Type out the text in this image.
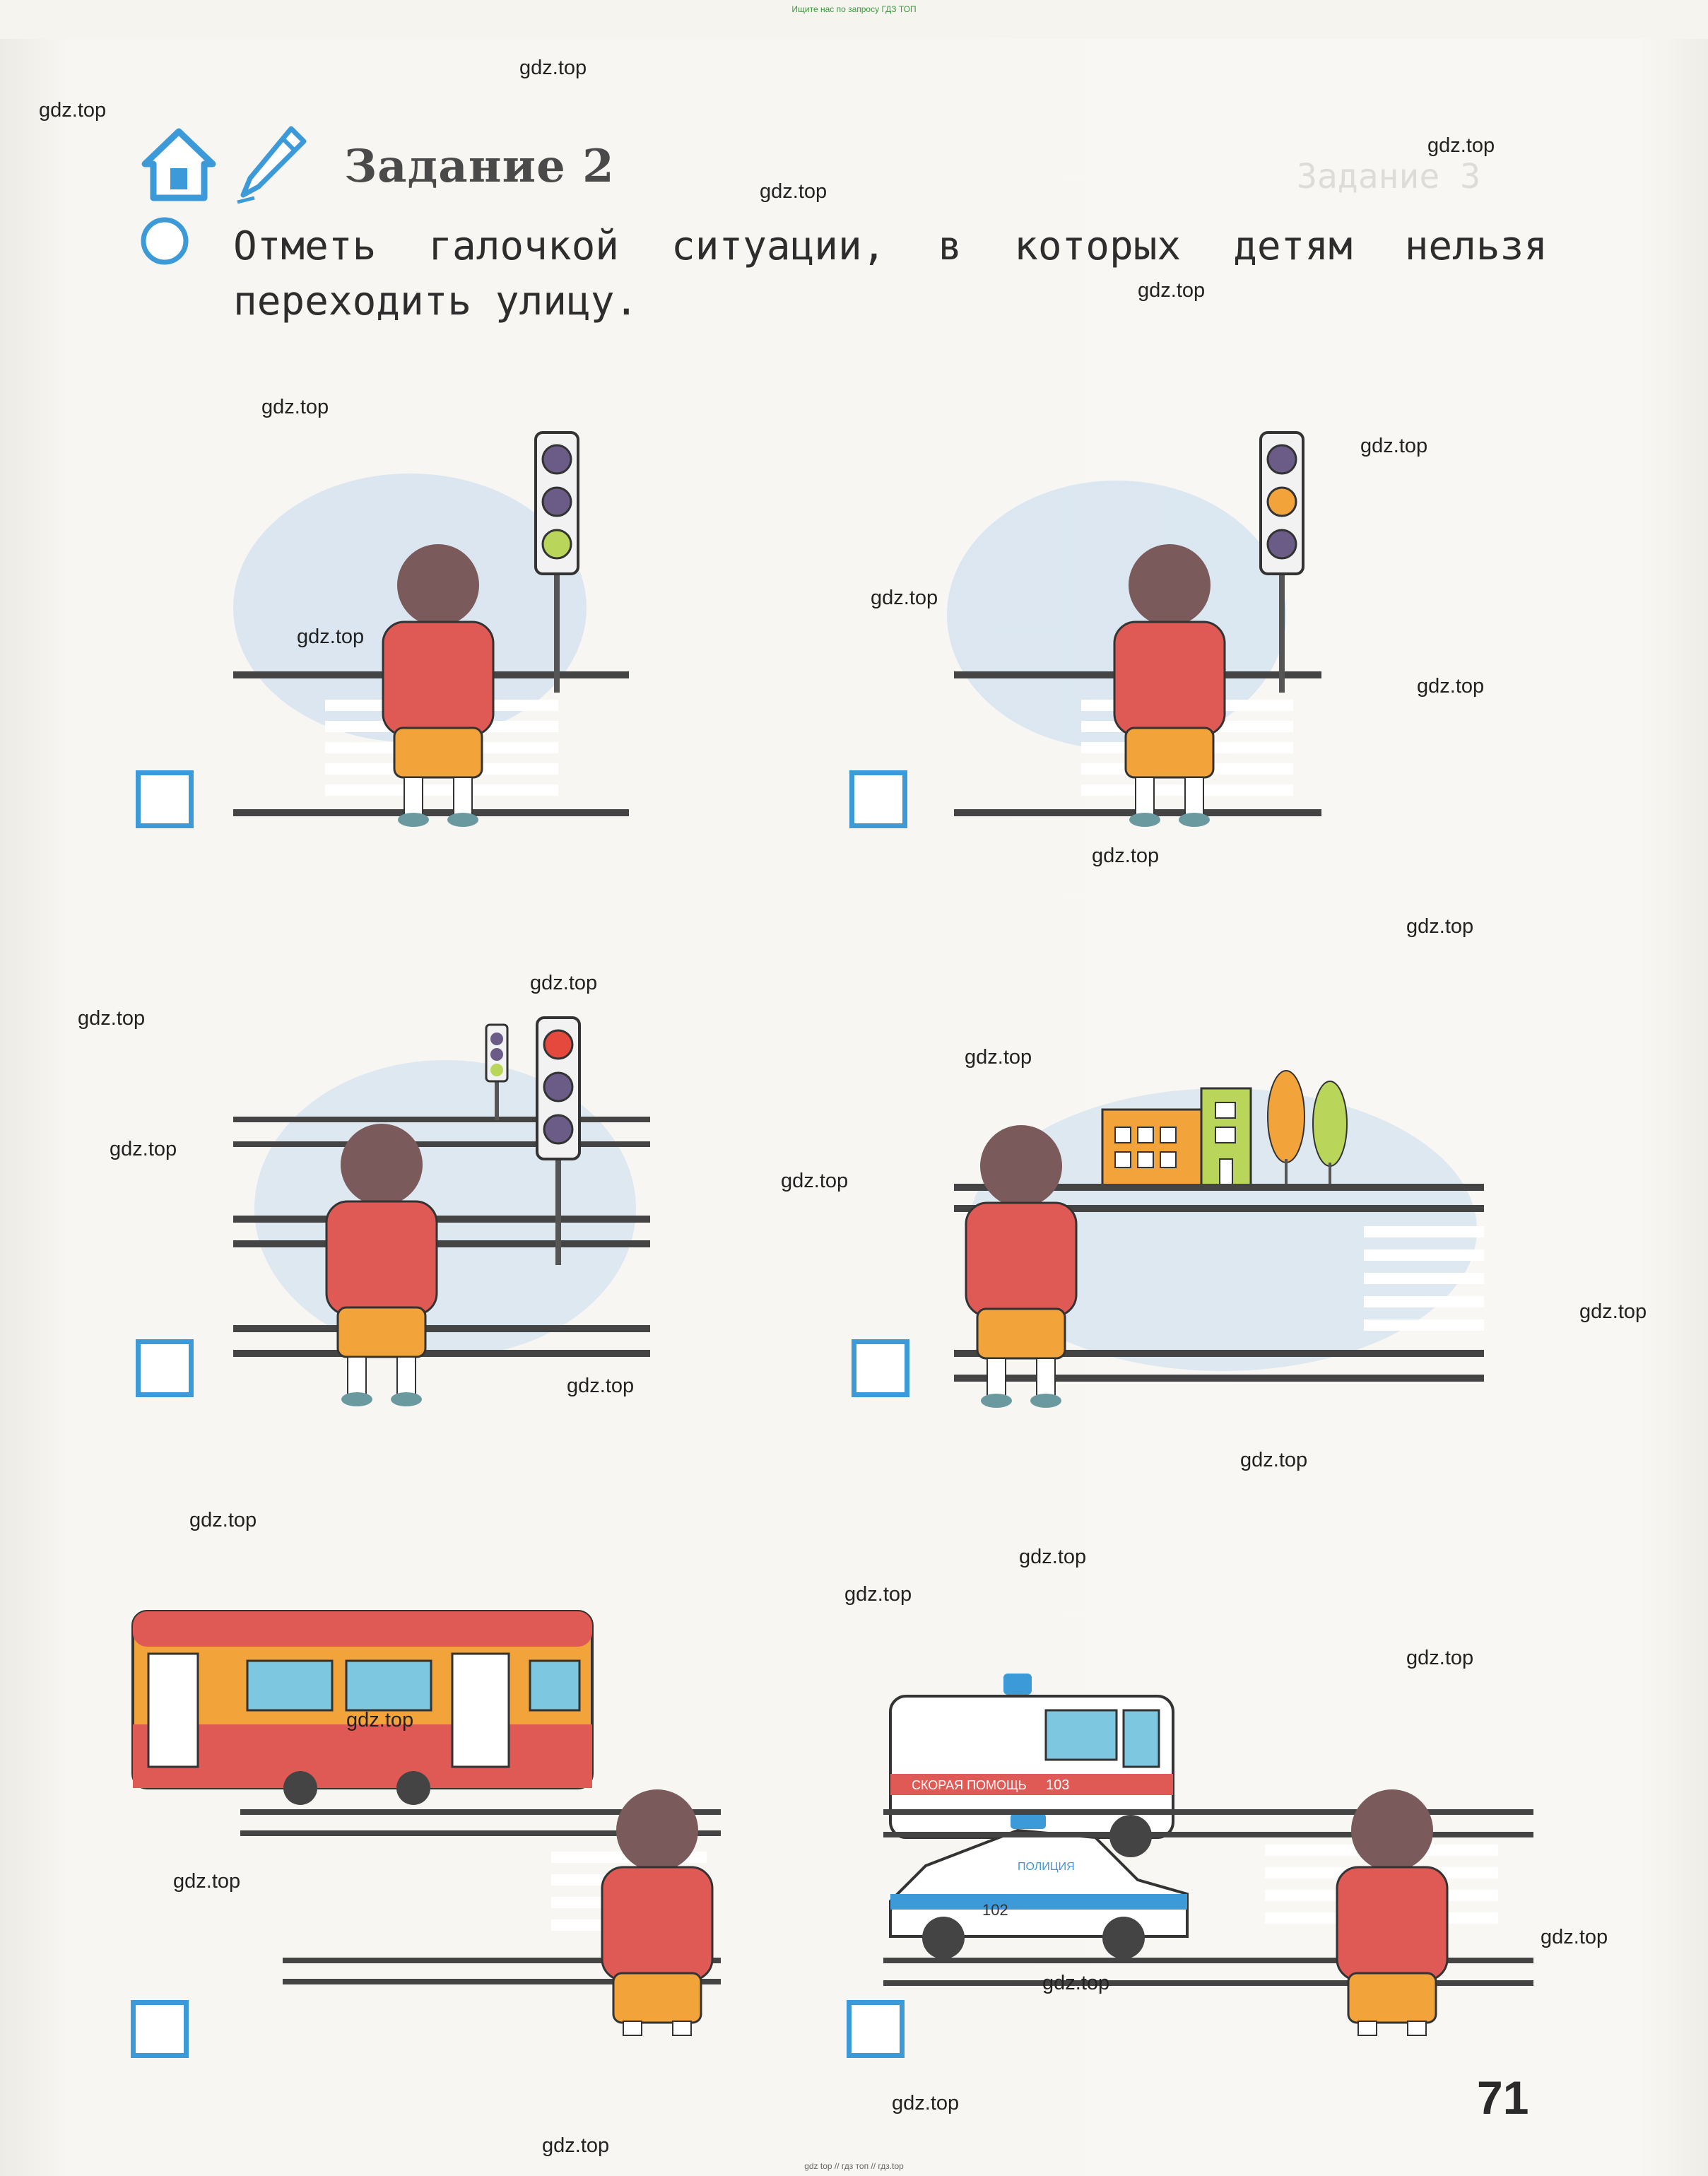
Ищите нас по запросу ГДЗ ТОП
Задание 3
Задание 2
Отметь галочкой ситуации, в которых детям нельзя переходить улицу.
СКОРАЯ ПОМОЩЬ 103
ПОЛИЦИЯ
102
gdz.top
gdz.top
gdz.top
gdz.top
gdz.top
gdz.top
gdz.top
gdz.top
gdz.top
gdz.top
gdz.top
gdz.top
gdz.top
gdz.top
gdz.top
gdz.top
gdz.top
gdz.top
gdz.top
gdz.top
gdz.top
gdz.top
gdz.top
gdz.top
gdz.top
gdz.top
gdz.top
gdz.top
gdz.top
gdz.top
71
gdz top // гдз топ // гдз.top
